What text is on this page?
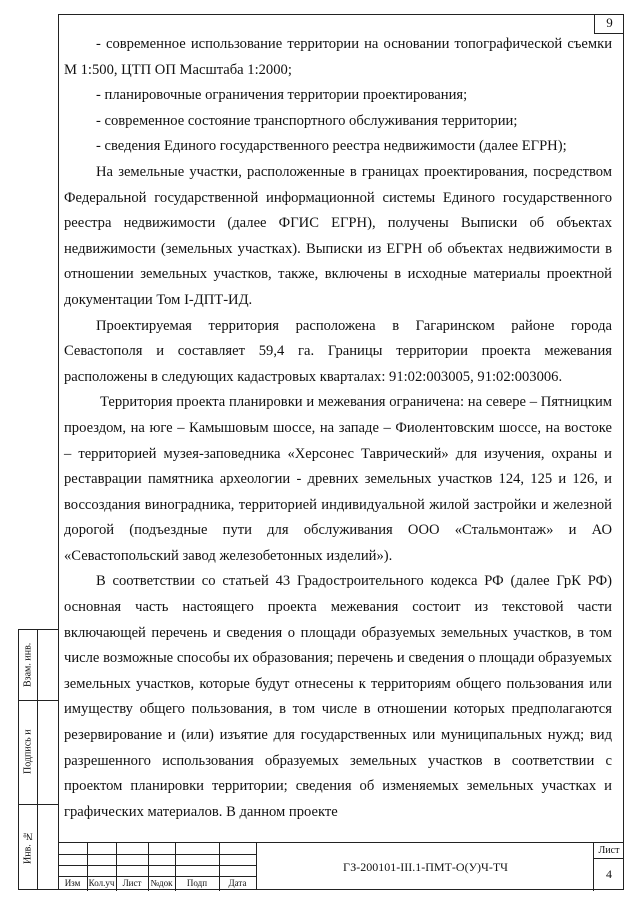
9

- современное использование территории на основании топографической съемки М 1:500, ЦТП ОП Масштаба 1:2000;

- планировочные ограничения территории проектирования;

- современное состояние транспортного обслуживания территории;

- сведения Единого государственного реестра недвижимости (далее ЕГРН);

На земельные участки, расположенные в границах проектирования, посредством Федеральной государственной информационной системы Единого государственного реестра недвижимости (далее ФГИС ЕГРН), получены Выписки об объектах недвижимости (земельных участках). Выписки из ЕГРН об объектах недвижимости в отношении земельных участков, также, включены в исходные материалы проектной документации Том I-ДПТ-ИД.

Проектируемая территория расположена в Гагаринском районе города Севастополя и составляет 59,4 га. Границы территории проекта межевания расположены в следующих кадастровых кварталах: 91:02:003005, 91:02:003006.

Территория проекта планировки и межевания ограничена: на севере – Пятницким проездом, на юге – Камышовым шоссе, на западе – Фиолентовским шоссе, на востоке – территорией музея-заповедника «Херсонес Таврический» для изучения, охраны и реставрации памятника археологии - древних земельных участков 124, 125 и 126, и воссоздания виноградника, территорией индивидуальной жилой застройки и железной дорогой (подъездные пути для обслуживания ООО «Стальмонтаж» и АО «Севастопольский завод железобетонных изделий»).

В соответствии со статьей 43 Градостроительного кодекса РФ (далее ГрК РФ) основная часть настоящего проекта межевания состоит из текстовой части включающей перечень и сведения о площади образуемых земельных участков, в том числе возможные способы их образования; перечень и сведения о площади образуемых земельных участков, которые будут отнесены к территориям общего пользования или имуществу общего пользования, в том числе в отношении которых предполагаются резервирование и (или) изъятие для государственных или муниципальных нужд; вид разрешенного использования образуемых земельных участков в соответствии с проектом планировки территории; сведения об изменяемых земельных участках и графических материалов. В данном проекте

Взам. инв.
Подпись и
Инв. №
Изм Кол.уч Лист	№док	Подп	Дата
ГЗ-200101-III.1-ПМТ-О(У)Ч-ТЧ
Лист
4
